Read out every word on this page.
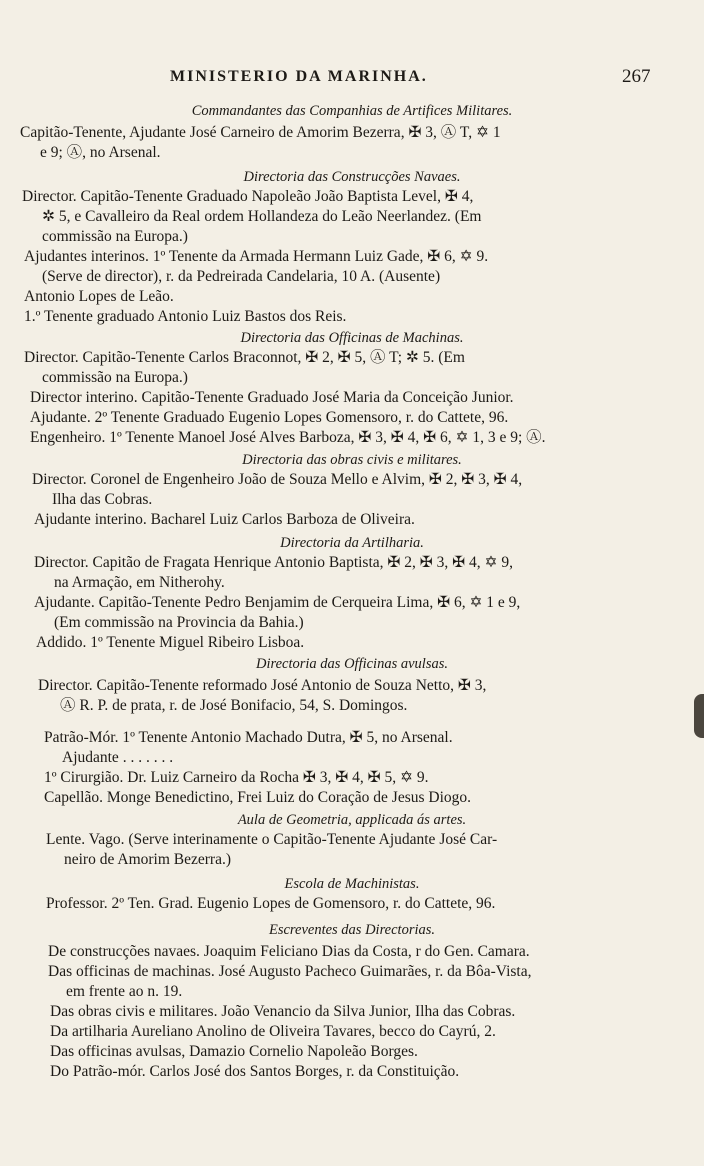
MINISTERIO DA MARINHA.	267
Commandantes das Companhias de Artifices Militares.
Capitão-Tenente, Ajudante José Carneiro de Amorim Bezerra, ✠ 3, Ⓐ T, ✡ 1
e 9; Ⓐ, no Arsenal.
Directoria das Construcções Navaes.
Director. Capitão-Tenente Graduado Napoleão João Baptista Level, ✠ 4,
✲ 5, e Cavalleiro da Real ordem Hollandeza do Leão Neerlandez. (Em
commissão na Europa.)
Ajudantes interinos. 1º Tenente da Armada Hermann Luiz Gade, ✠ 6, ✡ 9.
(Serve de director), r. da Pedreirada Candelaria, 10 A. (Ausente)
Antonio Lopes de Leão.
1.º Tenente graduado Antonio Luiz Bastos dos Reis.
Directoria das Officinas de Machinas.
Director. Capitão-Tenente Carlos Braconnot, ✠ 2, ✠ 5, Ⓐ T; ✲ 5. (Em
commissão na Europa.)
Director interino. Capitão-Tenente Graduado José Maria da Conceição Junior.
Ajudante. 2º Tenente Graduado Eugenio Lopes Gomensoro, r. do Cattete, 96.
Engenheiro. 1º Tenente Manoel José Alves Barboza, ✠ 3, ✠ 4, ✠ 6, ✡ 1, 3 e 9; Ⓐ.
Directoria das obras civis e militares.
Director. Coronel de Engenheiro João de Souza Mello e Alvim, ✠ 2, ✠ 3, ✠ 4,
Ilha das Cobras.
Ajudante interino. Bacharel Luiz Carlos Barboza de Oliveira.
Directoria da Artilharia.
Director. Capitão de Fragata Henrique Antonio Baptista, ✠ 2, ✠ 3, ✠ 4, ✡ 9,
na Armação, em Nitherohy.
Ajudante. Capitão-Tenente Pedro Benjamim de Cerqueira Lima, ✠ 6, ✡ 1 e 9,
(Em commissão na Provincia da Bahia.)
Addido. 1º Tenente Miguel Ribeiro Lisboa.
Directoria das Officinas avulsas.
Director. Capitão-Tenente reformado José Antonio de Souza Netto, ✠ 3,
Ⓐ R. P. de prata, r. de José Bonifacio, 54, S. Domingos.
Patrão-Mór. 1º Tenente Antonio Machado Dutra, ✠ 5, no Arsenal.
Ajudante . . . . . . .
1º Cirurgião. Dr. Luiz Carneiro da Rocha ✠ 3, ✠ 4, ✠ 5, ✡ 9.
Capellão. Monge Benedictino, Frei Luiz do Coração de Jesus Diogo.
Aula de Geometria, applicada ás artes.
Lente. Vago. (Serve interinamente o Capitão-Tenente Ajudante José Car-
neiro de Amorim Bezerra.)
Escola de Machinistas.
Professor. 2º Ten. Grad. Eugenio Lopes de Gomensoro, r. do Cattete, 96.
Escreventes das Directorias.
De construcções navaes. Joaquim Feliciano Dias da Costa, r do Gen. Camara.
Das officinas de machinas. José Augusto Pacheco Guimarães, r. da Bôa-Vista,
em frente ao n. 19.
Das obras civis e militares. João Venancio da Silva Junior, Ilha das Cobras.
Da artilharia Aureliano Anolino de Oliveira Tavares, becco do Cayrú, 2.
Das officinas avulsas, Damazio Cornelio Napoleão Borges.
Do Patrão-mór. Carlos José dos Santos Borges, r. da Constituição.
